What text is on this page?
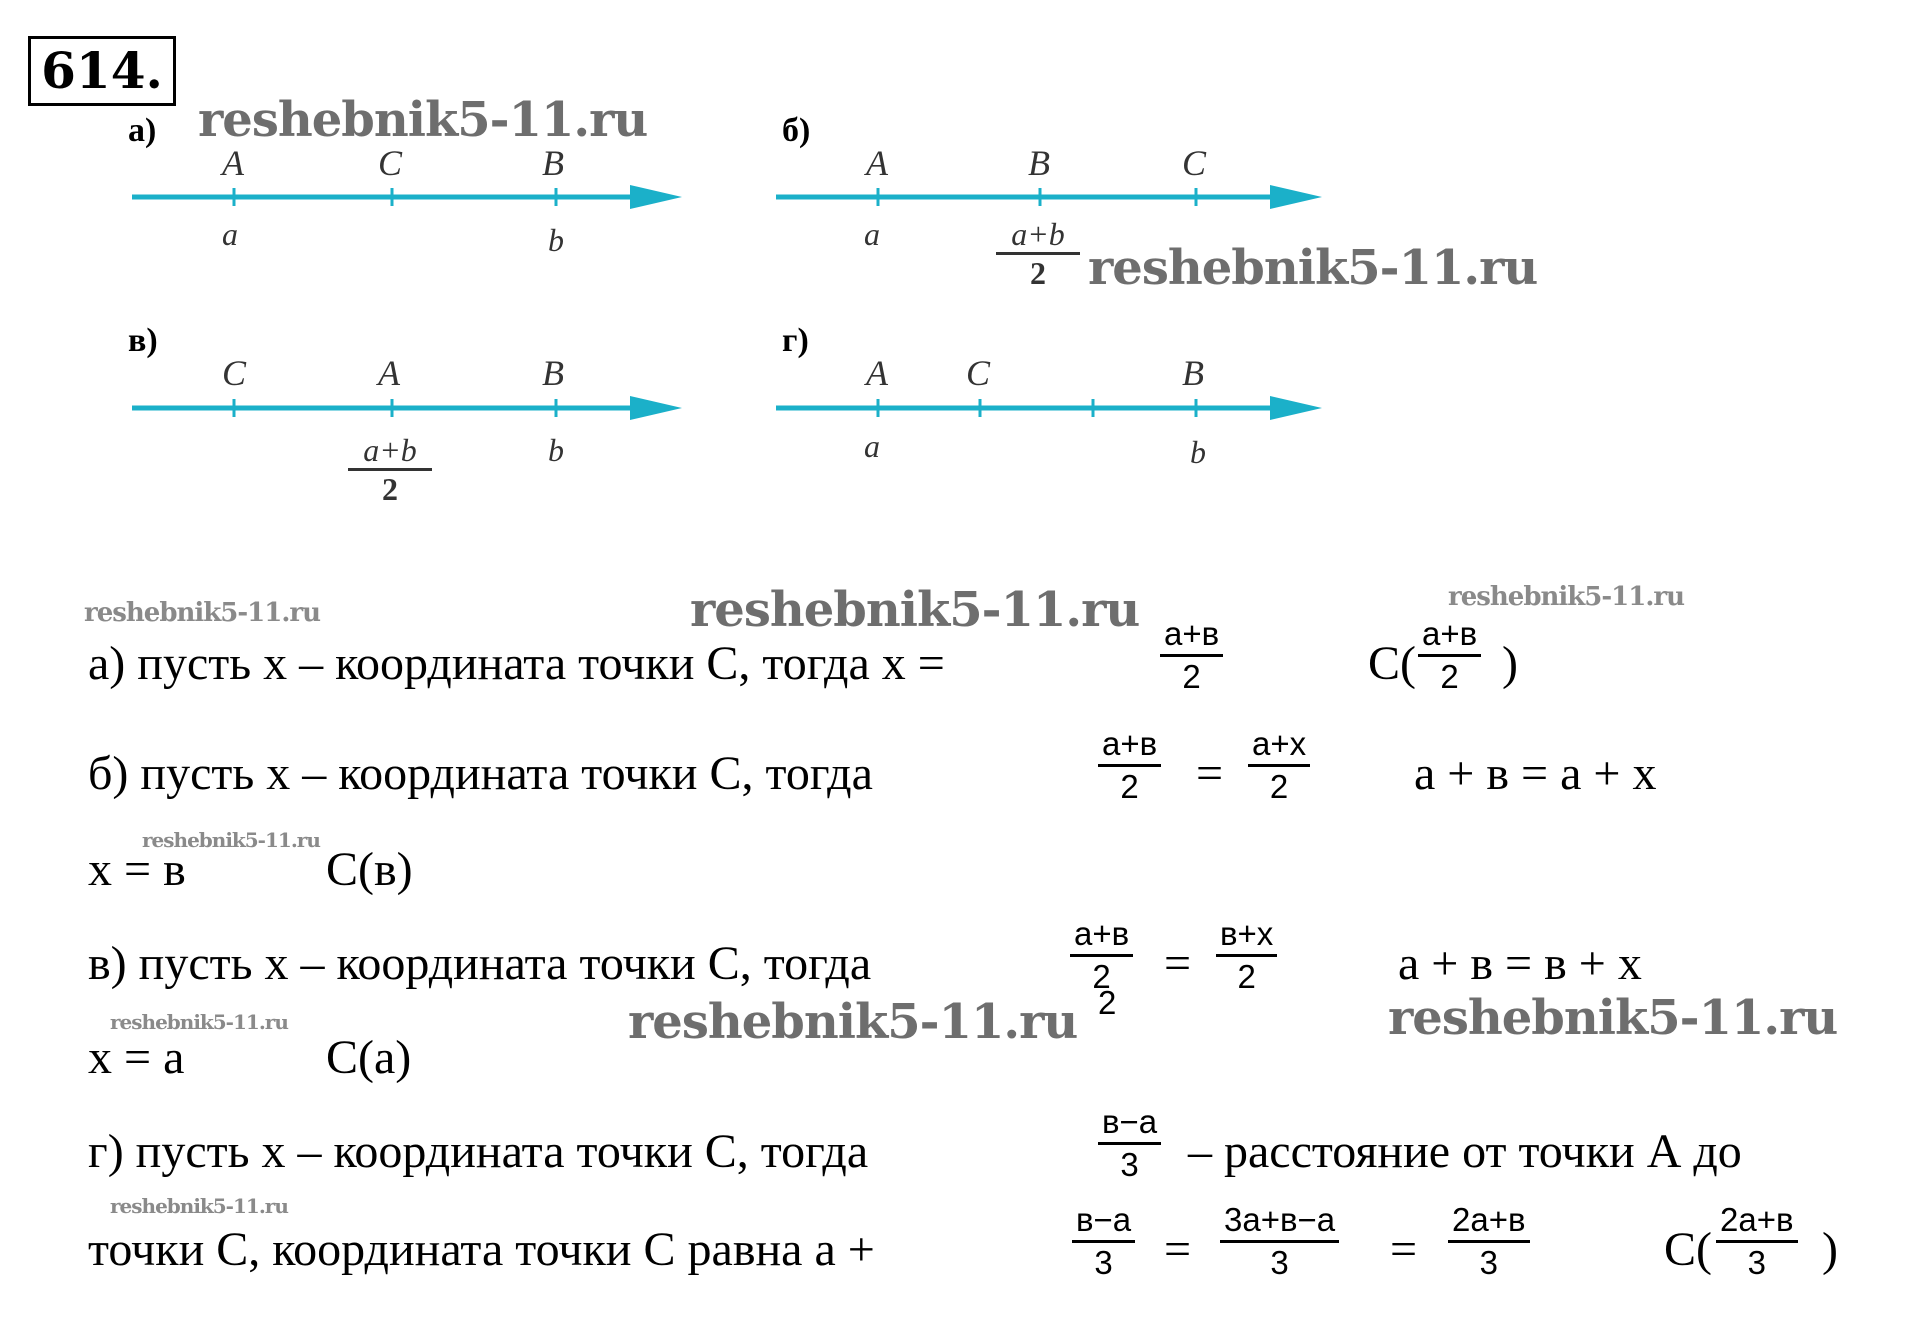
614.
reshebnik5-11.ru
reshebnik5-11.ru
reshebnik5-11.ru	reshebnik5-11.ru	reshebnik5-11.ru
reshebnik5-11.ru
reshebnik5-11.ru	reshebnik5-11.ru	reshebnik5-11.ru
reshebnik5-11.ru
а)
A	C	B
a	b
б)
A	B	C
a	a+b
2
в)
C	A	B
a+b
2
b
г)
A C	B
a	b
а) пусть х – координата точки С, тогда х =
а+в
2	С(
а+в
2 )
б) пусть х – координата точки С, тогда
а+в
2	=
а+х
2	а + в = а + х
х = в	С(в)
в) пусть х – координата точки С, тогда
а+в
2	=
в+х
2	а + в = в + х
2
х = а	С(а)
г) пусть х – координата точки С, тогда
в−а
3	– расстояние от точки А до
точки С, координата точки С равна а +
в−а
3	=
3а+в−а
3	=
2а+в
3	С(
2а+в
3	)
